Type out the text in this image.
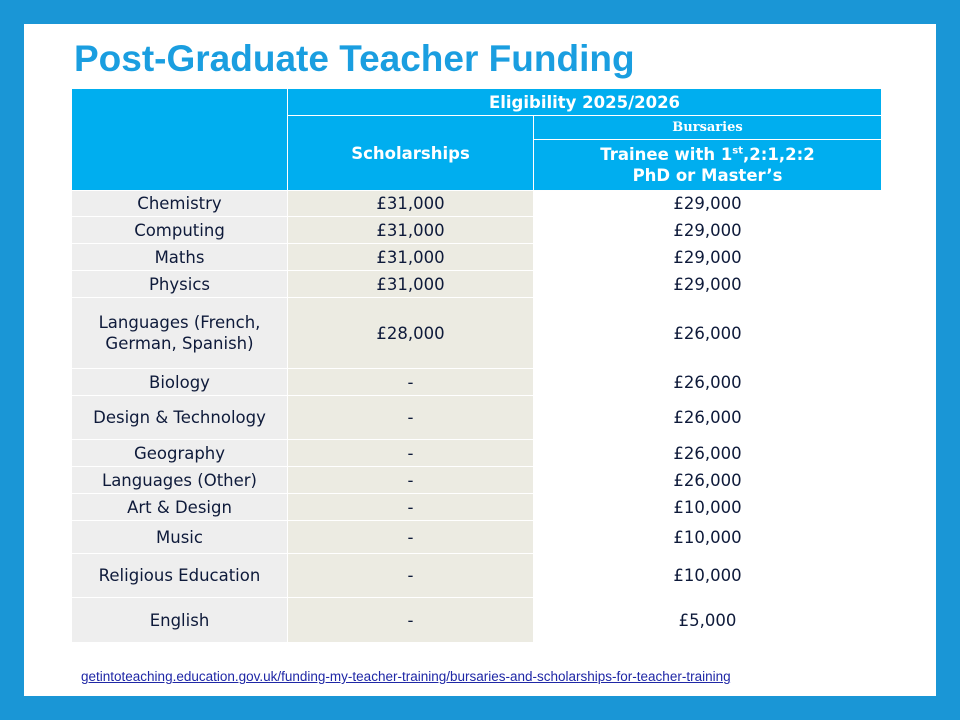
Post-Graduate Teacher Funding
	Eligibility 2025/2026	
	Scholarships	Bursaries
		Trainee with 1st,2:1,2:2
PhD or Master’s
Chemistry	£31,000	£29,000
Computing	£31,000	£29,000
Maths	£31,000	£29,000
Physics	£31,000	£29,000
Languages (French, German, Spanish)	£28,000	£26,000
Biology	-	£26,000
Design & Technology	-	£26,000
Geography	-	£26,000
Languages (Other)	-	£26,000
Art & Design	-	£10,000
Music	-	£10,000
Religious Education	-	£10,000
English	-	£5,000
getintoteaching.education.gov.uk/funding-my-teacher-training/bursaries-and-scholarships-for-teacher-training
